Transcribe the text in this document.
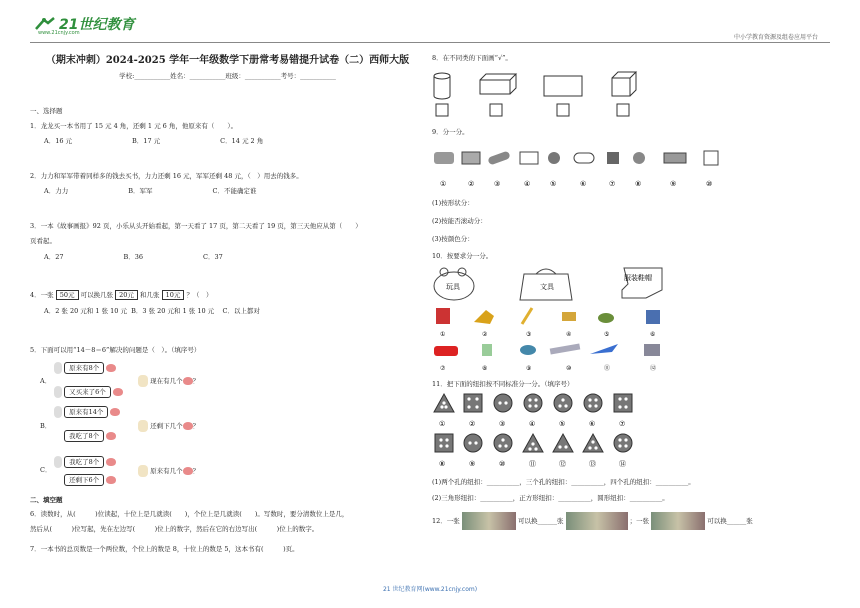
21世纪教育
www.21cnjy.com
中小学教育资源及组卷应用平台
（期末冲刺）2024-2025 学年一年级数学下册常考易错提升试卷（二）西师大版
学校:___________姓名：___________班级：___________考号：___________
一、选择题
1．龙龙买一本书用了 15 元 4 角，还剩 1 元 6 角，他原来有（　　）。
A．16 元	B．17 元	C．14 元 2 角
2．力力和军军带着同样多的钱去买书，力力还剩 16 元，军军还剩 48 元，（　）用去的钱多。
A．力力	B．军军	C．不能确定谁
3．一本《故事画报》92 页，小乐从头开始看起，第一天看了 17 页，第二天看了 19 页，第三天他应从第（　　）
页看起。
A．27	B．36	C．37
4．一张 50元 可以换几张 20元 和几张 10元 ？（　）
A．2 张 20 元和 1 张 10 元 B．3 张 20 元和 1 张 10 元 C．以上都对
5．下面可以用“14－8＝6”解决的问题是（　）。（填序号）
A．
原来有8个
又买来了6个
现在有几个 ？
B．
原来有14个
我吃了8个
还剩下几个 ？
C．
我吃了8个
还剩下6个
原来有几个 ？
二、填空题
6．读数时，从(　　　)位读起，十位上是几就读(　　)，个位上是几就读(　　)。写数时，要分清数位上是几，
然后从(　　　)位写起，先在左边写(　　　)位上的数字，然后在它的右边写出(　　　)位上的数字。
7．一本书的总页数是一个两位数，个位上的数是 8，十位上的数是 5，这本书有(　　　)页。
8．在不同类的下面画“√”。
9．分一分。
①	②	③	④	⑤	⑥	⑦	⑧	⑨	⑩
(1)按形状分：
(2)按能否滚动分：
(3)按颜色分：
10．按要求分一分。
玩具	文具
服装鞋帽
①	②	③	④	⑤	⑥
⑦	⑧	⑨	⑩	⑪	⑫
11．把下面的纽扣按不同标准分一分。（填序号）
①	②	③	④	⑤	⑥	⑦
⑧	⑨	⑩	⑪	⑫	⑬	⑭
(1)两个孔的纽扣：__________，三个孔的纽扣：__________，四个孔的纽扣：__________。
(2)三角形纽扣：__________，正方形纽扣：__________，圆形纽扣：__________。
12．一张	可以换______张	；一张	可以换______张
21 世纪教育网(www.21cnjy.com)
